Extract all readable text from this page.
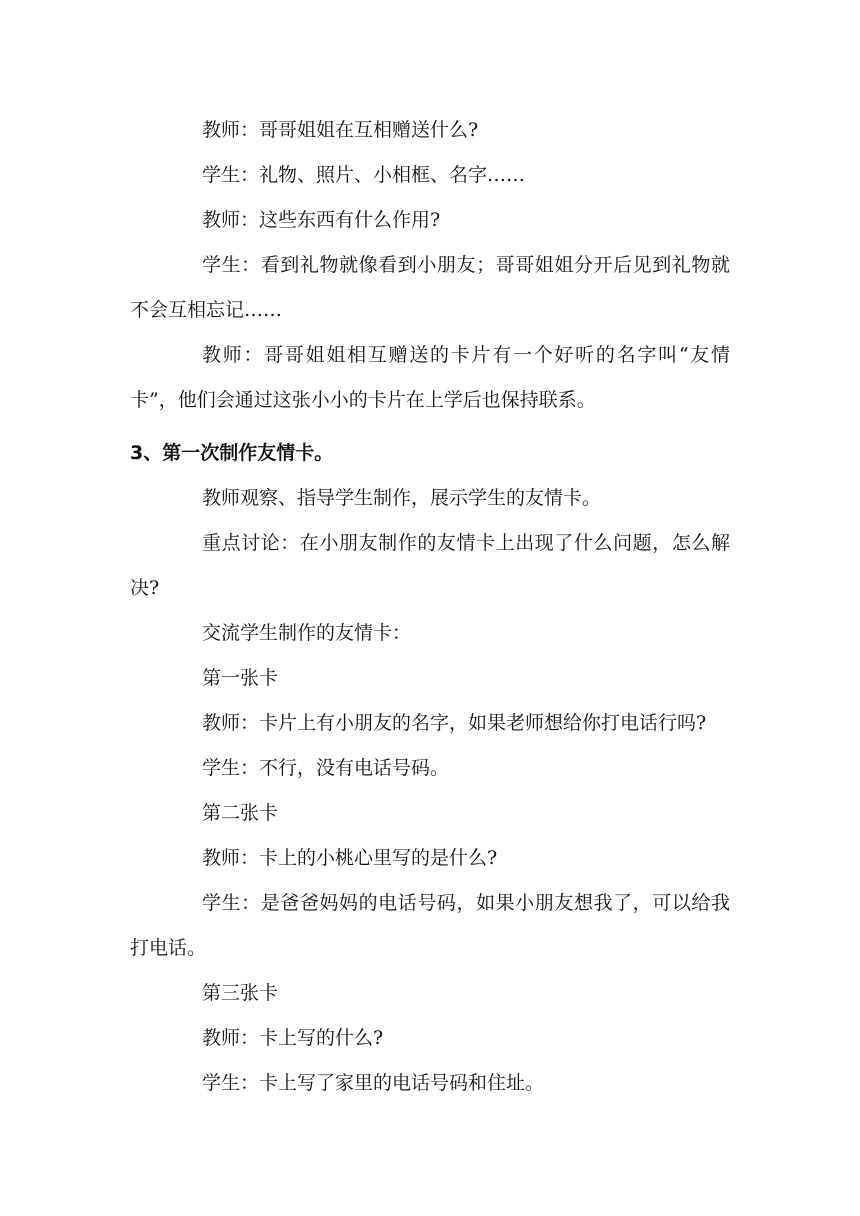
教师：哥哥姐姐在互相赠送什么?

学生：礼物、照片、小相框、名字……

教师：这些东西有什么作用?

学生：看到礼物就像看到小朋友；哥哥姐姐分开后见到礼物就不会互相忘记……

教师：哥哥姐姐相互赠送的卡片有一个好听的名字叫“友情卡”，他们会通过这张小小的卡片在上学后也保持联系。

3、第一次制作友情卡。

教师观察、指导学生制作，展示学生的友情卡。

重点讨论：在小朋友制作的友情卡上出现了什么问题，怎么解决?

交流学生制作的友情卡：

第一张卡

教师：卡片上有小朋友的名字，如果老师想给你打电话行吗?

学生：不行，没有电话号码。

第二张卡

教师：卡上的小桃心里写的是什么?

学生：是爸爸妈妈的电话号码，如果小朋友想我了，可以给我打电话。

第三张卡

教师：卡上写的什么?

学生：卡上写了家里的电话号码和住址。
